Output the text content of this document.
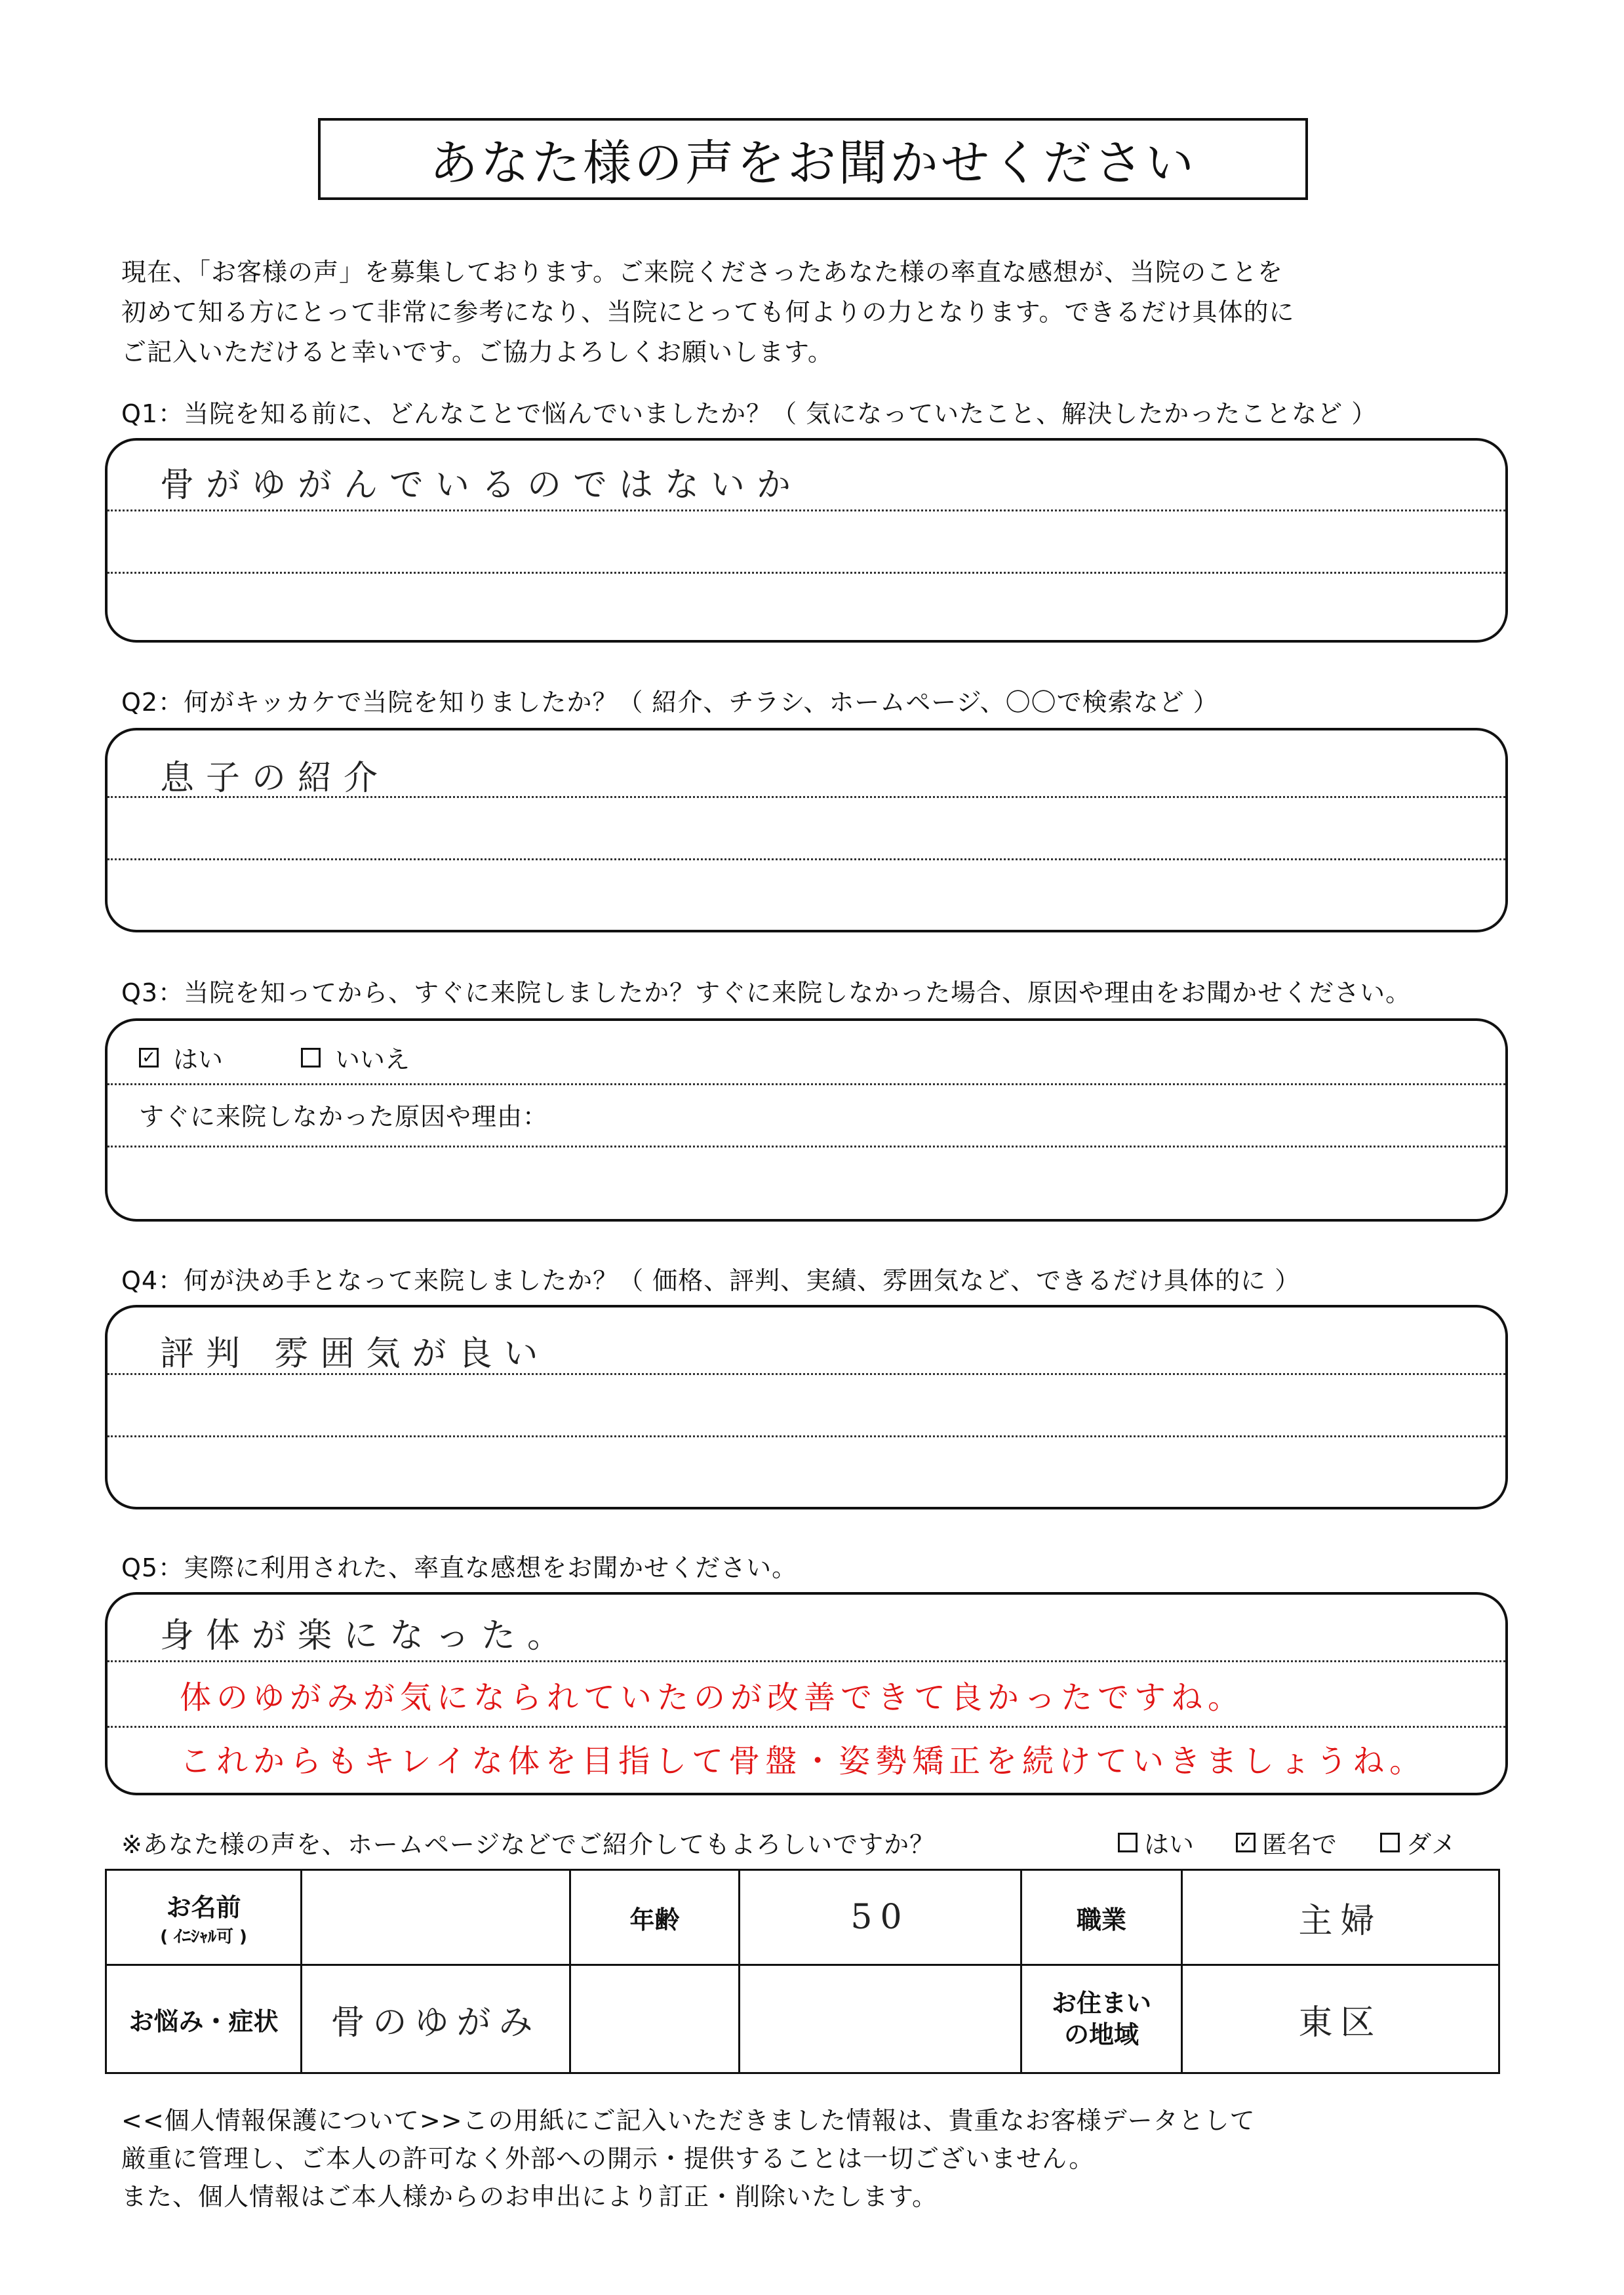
あなた様の声をお聞かせください
現在、「お客様の声」を募集しております。ご来院くださったあなた様の率直な感想が、当院のことを
初めて知る方にとって非常に参考になり、当院にとっても何よりの力となります。できるだけ具体的に
ご記入いただけると幸いです。ご協力よろしくお願いします。
Q1：当院を知る前に、どんなことで悩んでいましたか？（ 気になっていたこと、解決したかったことなど ）
骨がゆがんでいるのではないか
Q2：何がキッカケで当院を知りましたか？（ 紹介、チラシ、ホームページ、〇〇で検索など ）
息子の紹介
Q3：当院を知ってから、すぐに来院しましたか？すぐに来院しなかった場合、原因や理由をお聞かせください。
✓ はい	いいえ
すぐに来院しなかった原因や理由：
Q4：何が決め手となって来院しましたか？（ 価格、評判、実績、雰囲気など、できるだけ具体的に ）
評判 雰囲気が良い
Q5：実際に利用された、率直な感想をお聞かせください。
身体が楽になった。
体のゆがみが気になられていたのが改善できて良かったですね。
これからもキレイな体を目指して骨盤・姿勢矯正を続けていきましょうね。
※あなた様の声を、ホームページなどでご紹介してもよろしいですか？	はい	✓ 匿名で	ダメ
お名前
( ｲﾆｼｬﾙ可 )		年齢	50	職業	主婦
お悩み・症状	骨のゆがみ			お住まいの地域	東区
<<個人情報保護について>>この用紙にご記入いただきました情報は、貴重なお客様データとして
厳重に管理し、ご本人の許可なく外部への開示・提供することは一切ございません。
また、個人情報はご本人様からのお申出により訂正・削除いたします。
